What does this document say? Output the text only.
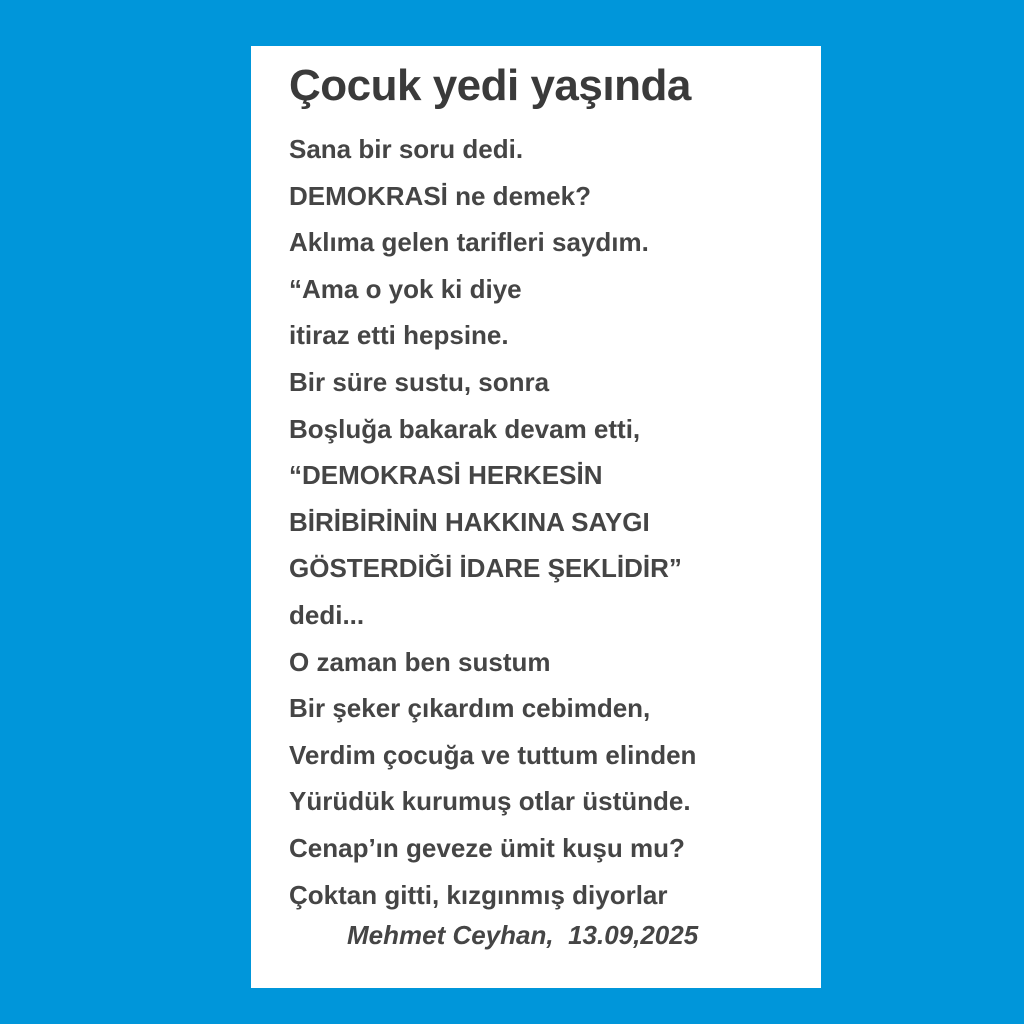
Çocuk yedi yaşında
Sana bir soru dedi.
DEMOKRASİ ne demek?
Aklıma gelen tarifleri saydım.
“Ama o yok ki diye
itiraz etti hepsine.
Bir süre sustu, sonra
Boşluğa bakarak devam etti,
“DEMOKRASİ HERKESİN
BİRİBİRİNİN HAKKINA SAYGI
GÖSTERDİĞİ İDARE ŞEKLİDİR”
dedi...
O zaman ben sustum
Bir şeker çıkardım cebimden,
Verdim çocuğa ve tuttum elinden
Yürüdük kurumuş otlar üstünde.
Cenap’ın geveze ümit kuşu mu?
Çoktan gitti, kızgınmış diyorlar
Mehmet Ceyhan, 13.09,2025
